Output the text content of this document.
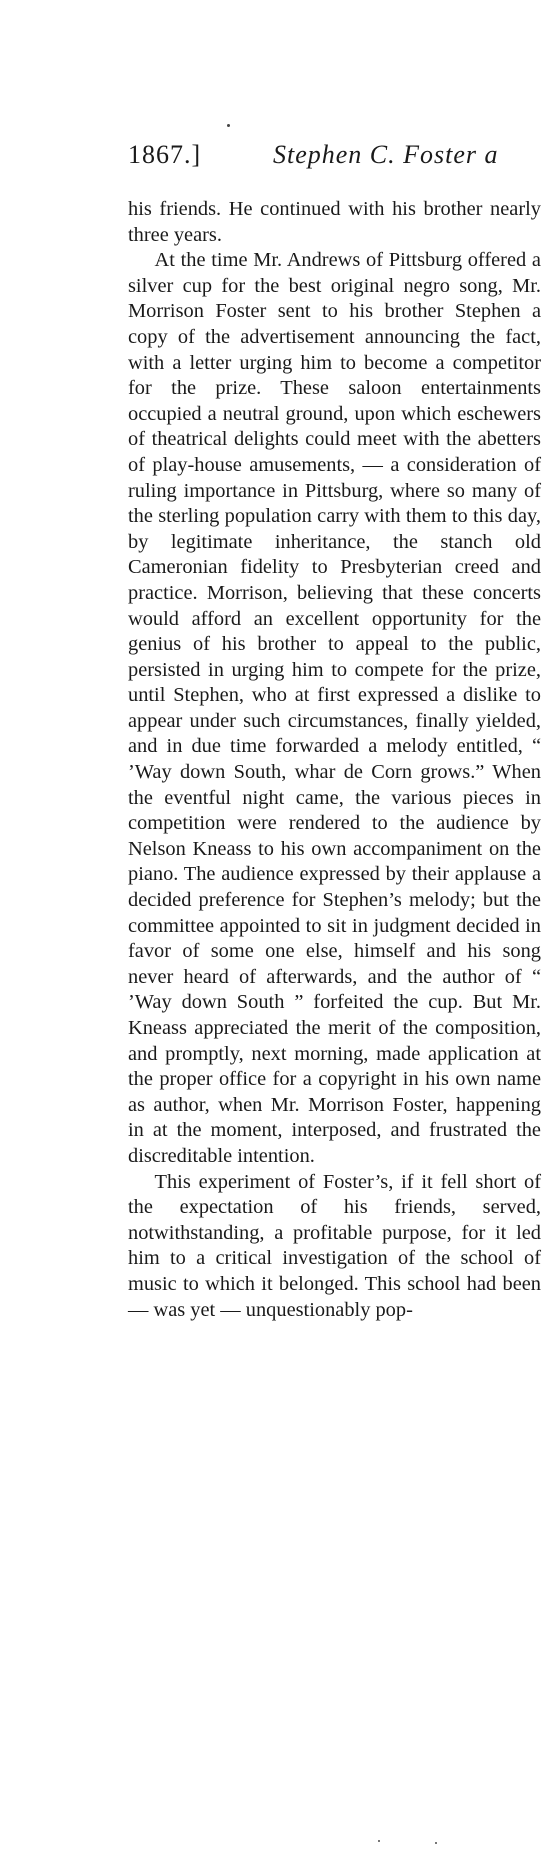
1867.]	Stephen C. Foster a

his friends. He continued with his brother nearly three years.

At the time Mr. Andrews of Pittsburg offered a silver cup for the best original negro song, Mr. Morrison Foster sent to his brother Stephen a copy of the advertisement announcing the fact, with a letter urging him to become a competitor for the prize. These saloon entertainments occupied a neutral ground, upon which eschewers of theatrical delights could meet with the abetters of play-house amusements, — a consideration of ruling importance in Pittsburg, where so many of the sterling population carry with them to this day, by legitimate inheritance, the stanch old Cameronian fidelity to Presbyterian creed and practice. Morrison, believing that these concerts would afford an excellent opportunity for the genius of his brother to appeal to the public, persisted in urging him to compete for the prize, until Stephen, who at first expressed a dislike to appear under such circumstances, finally yielded, and in due time forwarded a melody entitled, “ ’Way down South, whar de Corn grows.” When the eventful night came, the various pieces in competition were rendered to the audience by Nelson Kneass to his own accompaniment on the piano. The audience expressed by their applause a decided preference for Stephen’s melody; but the committee appointed to sit in judgment decided in favor of some one else, himself and his song never heard of afterwards, and the author of “ ’Way down South ” forfeited the cup. But Mr. Kneass appreciated the merit of the composition, and promptly, next morning, made application at the proper office for a copyright in his own name as author, when Mr. Morrison Foster, happening in at the moment, interposed, and frustrated the discreditable intention.

This experiment of Foster’s, if it fell short of the expectation of his friends, served, notwithstanding, a profitable purpose, for it led him to a critical investigation of the school of music to which it belonged. This school had been — was yet — unquestionably pop-
